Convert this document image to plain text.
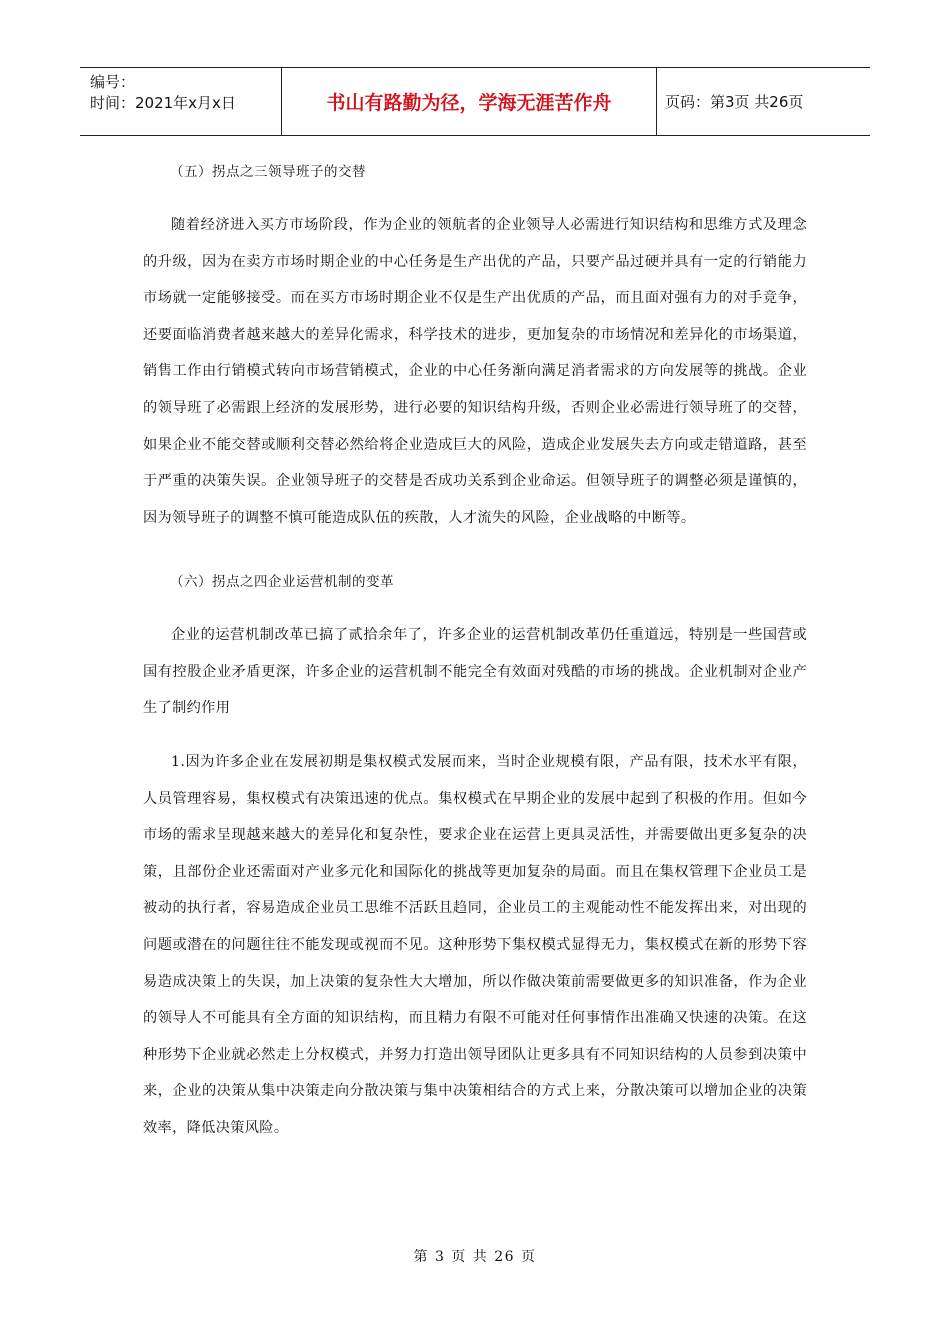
编号：
时间：2021年x月x日	书山有路勤为径，学海无涯苦作舟	页码：第3页 共26页
（五）拐点之三领导班子的交替
随着经济进入买方市场阶段，作为企业的领航者的企业领导人必需进行知识结构和思维方式及理念的升级，因为在卖方市场时期企业的中心任务是生产出优的产品，只要产品过硬并具有一定的行销能力市场就一定能够接受。而在买方市场时期企业不仅是生产出优质的产品，而且面对强有力的对手竞争，还要面临消费者越来越大的差异化需求，科学技术的进步，更加复杂的市场情况和差异化的市场渠道，销售工作由行销模式转向市场营销模式，企业的中心任务渐向满足消者需求的方向发展等的挑战。企业的领导班了必需跟上经济的发展形势，进行必要的知识结构升级，否则企业必需进行领导班了的交替，如果企业不能交替或顺利交替必然给将企业造成巨大的风险，造成企业发展失去方向或走错道路，甚至于严重的决策失误。企业领导班子的交替是否成功关系到企业命运。但领导班子的调整必须是谨慎的，因为领导班子的调整不慎可能造成队伍的疾散，人才流失的风险，企业战略的中断等。
（六）拐点之四企业运营机制的变革
企业的运营机制改革已搞了贰拾余年了，许多企业的运营机制改革仍任重道远，特别是一些国营或国有控股企业矛盾更深，许多企业的运营机制不能完全有效面对残酷的市场的挑战。企业机制对企业产生了制约作用
1.因为许多企业在发展初期是集权模式发展而来，当时企业规模有限，产品有限，技术水平有限，人员管理容易，集权模式有决策迅速的优点。集权模式在早期企业的发展中起到了积极的作用。但如今市场的需求呈现越来越大的差异化和复杂性，要求企业在运营上更具灵活性，并需要做出更多复杂的决策，且部份企业还需面对产业多元化和国际化的挑战等更加复杂的局面。而且在集权管理下企业员工是被动的执行者，容易造成企业员工思维不活跃且趋同，企业员工的主观能动性不能发挥出来，对出现的问题或潜在的问题往往不能发现或视而不见。这种形势下集权模式显得无力，集权模式在新的形势下容易造成决策上的失误，加上决策的复杂性大大增加，所以作做决策前需要做更多的知识准备，作为企业的领导人不可能具有全方面的知识结构，而且精力有限不可能对任何事情作出准确又快速的决策。在这种形势下企业就必然走上分权模式，并努力打造出领导团队让更多具有不同知识结构的人员参到决策中来，企业的决策从集中决策走向分散决策与集中决策相结合的方式上来，分散决策可以增加企业的决策效率，降低决策风险。
第 3 页 共 26 页
